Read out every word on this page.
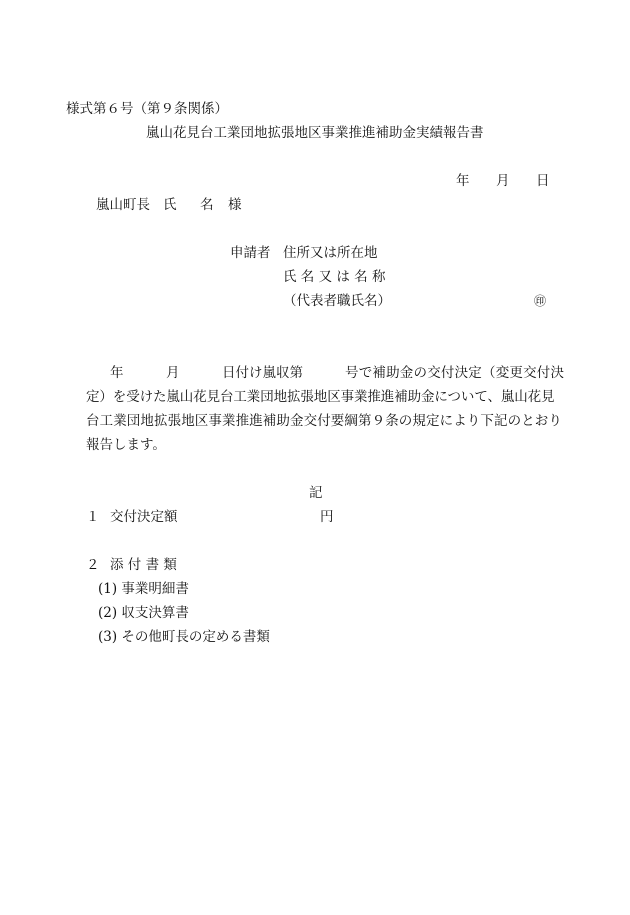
様式第６号（第９条関係）
嵐山花見台工業団地拡張地区事業推進補助金実績報告書
年 月 日
嵐山町長 氏 名 様
申請者 住所又は所在地
氏 名 又 は 名 称
（代表者職氏名）	㊞
年	月	日付け嵐収第	号で補助金の交付決定（変更交付決
定）を受けた嵐山花見台工業団地拡張地区事業推進補助金について、嵐山花見
台工業団地拡張地区事業推進補助金交付要綱第９条の規定により下記のとおり
報告します。
記
１ 交付決定額	円
２ 添 付 書 類
(1) 事業明細書
(2) 収支決算書
(3) その他町長の定める書類
